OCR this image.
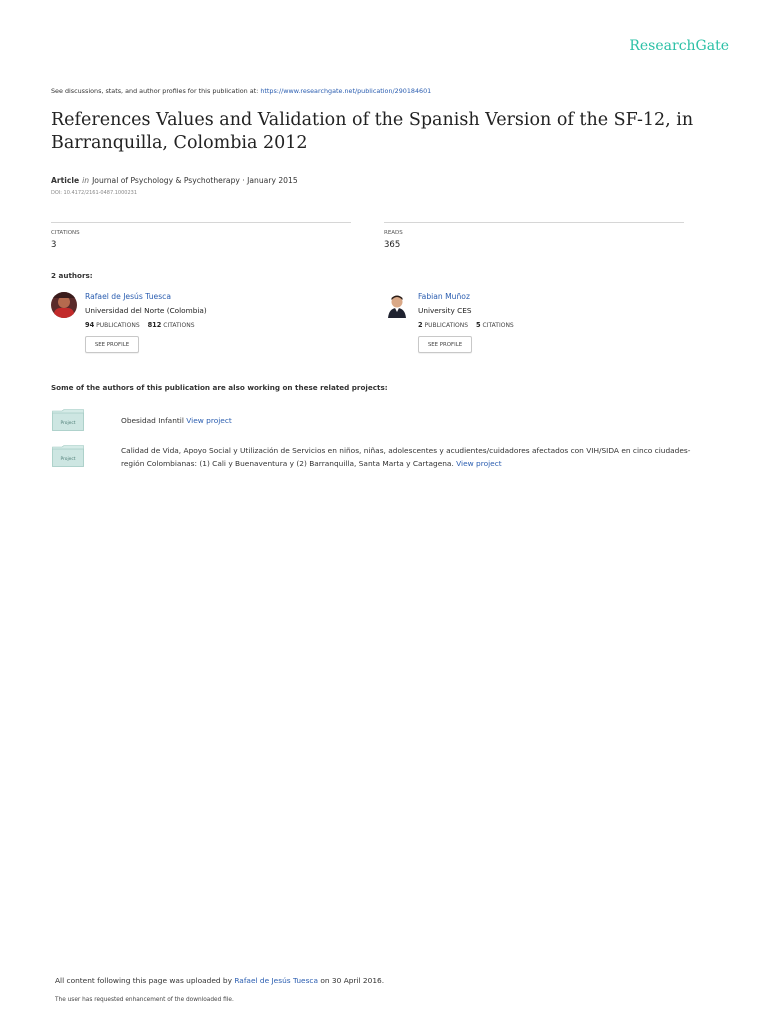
ResearchGate
See discussions, stats, and author profiles for this publication at: https://www.researchgate.net/publication/290184601
References Values and Validation of the Spanish Version of the SF-12, in Barranquilla, Colombia 2012
Article in Journal of Psychology & Psychotherapy · January 2015
DOI: 10.4172/2161-0487.1000231
CITATIONS
3
READS
365
2 authors:
Rafael de Jesús Tuesca
Universidad del Norte (Colombia)
94 PUBLICATIONS 812 CITATIONS
SEE PROFILE
Fabian Muñoz
University CES
2 PUBLICATIONS 5 CITATIONS
SEE PROFILE
Some of the authors of this publication are also working on these related projects:
Project	Obesidad Infantil View project
Project
Calidad de Vida, Apoyo Social y Utilización de Servicios en niños, niñas, adolescentes y acudientes/cuidadores afectados con VIH/SIDA en cinco ciudades-región Colombianas: (1) Cali y Buenaventura y (2) Barranquilla, Santa Marta y Cartagena. View project
All content following this page was uploaded by Rafael de Jesús Tuesca on 30 April 2016.
The user has requested enhancement of the downloaded file.
